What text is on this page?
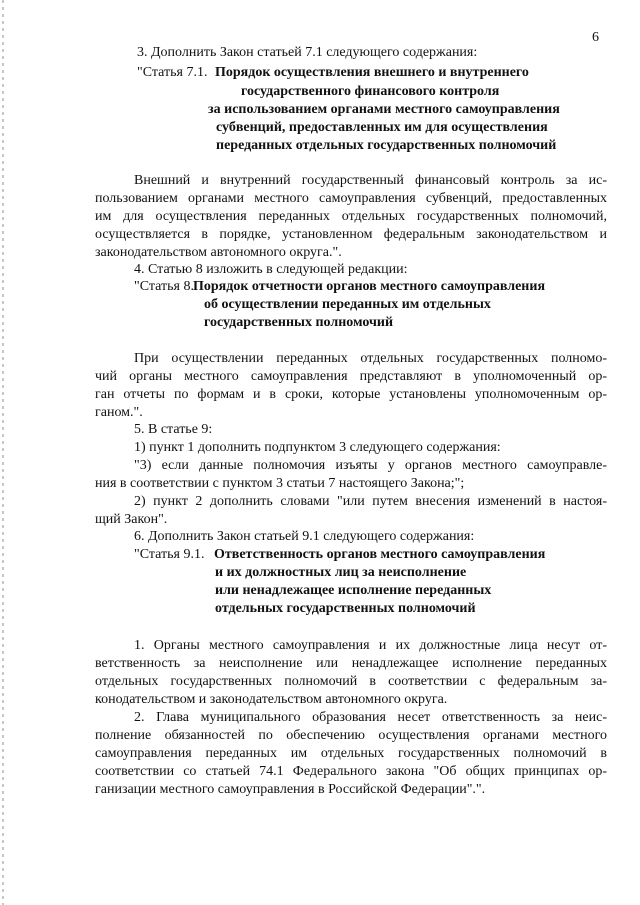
6
3. Дополнить Закон статьей 7.1 следующего содержания:
"Статья 7.1. Порядок осуществления внешнего и внутреннего
государственного финансового контроля
за использованием органами местного самоуправления
субвенций, предоставленных им для осуществления
переданных отдельных государственных полномочий
Внешний и внутренний государственный финансовый контроль за ис-
пользованием органами местного самоуправления субвенций, предоставленных
им для осуществления переданных отдельных государственных полномочий,
осуществляется в порядке, установленном федеральным законодательством и
законодательством автономного округа.".
4. Статью 8 изложить в следующей редакции:
"Статья 8. Порядок отчетности органов местного самоуправления
об осуществлении переданных им отдельных
государственных полномочий
При осуществлении переданных отдельных государственных полномо-
чий органы местного самоуправления представляют в уполномоченный ор-
ган отчеты по формам и в сроки, которые установлены уполномоченным ор-
ганом.".
5. В статье 9:
1) пункт 1 дополнить подпунктом 3 следующего содержания:
"3) если данные полномочия изъяты у органов местного самоуправле-
ния в соответствии с пунктом 3 статьи 7 настоящего Закона;";
2) пункт 2 дополнить словами "или путем внесения изменений в настоя-
щий Закон".
6. Дополнить Закон статьей 9.1 следующего содержания:
"Статья 9.1. Ответственность органов местного самоуправления
и их должностных лиц за неисполнение
или ненадлежащее исполнение переданных
отдельных государственных полномочий
1. Органы местного самоуправления и их должностные лица несут от-
ветственность за неисполнение или ненадлежащее исполнение переданных
отдельных государственных полномочий в соответствии с федеральным за-
конодательством и законодательством автономного округа.
2. Глава муниципального образования несет ответственность за неис-
полнение обязанностей по обеспечению осуществления органами местного
самоуправления переданных им отдельных государственных полномочий в
соответствии со статьей 74.1 Федерального закона "Об общих принципах ор-
ганизации местного самоуправления в Российской Федерации".".
